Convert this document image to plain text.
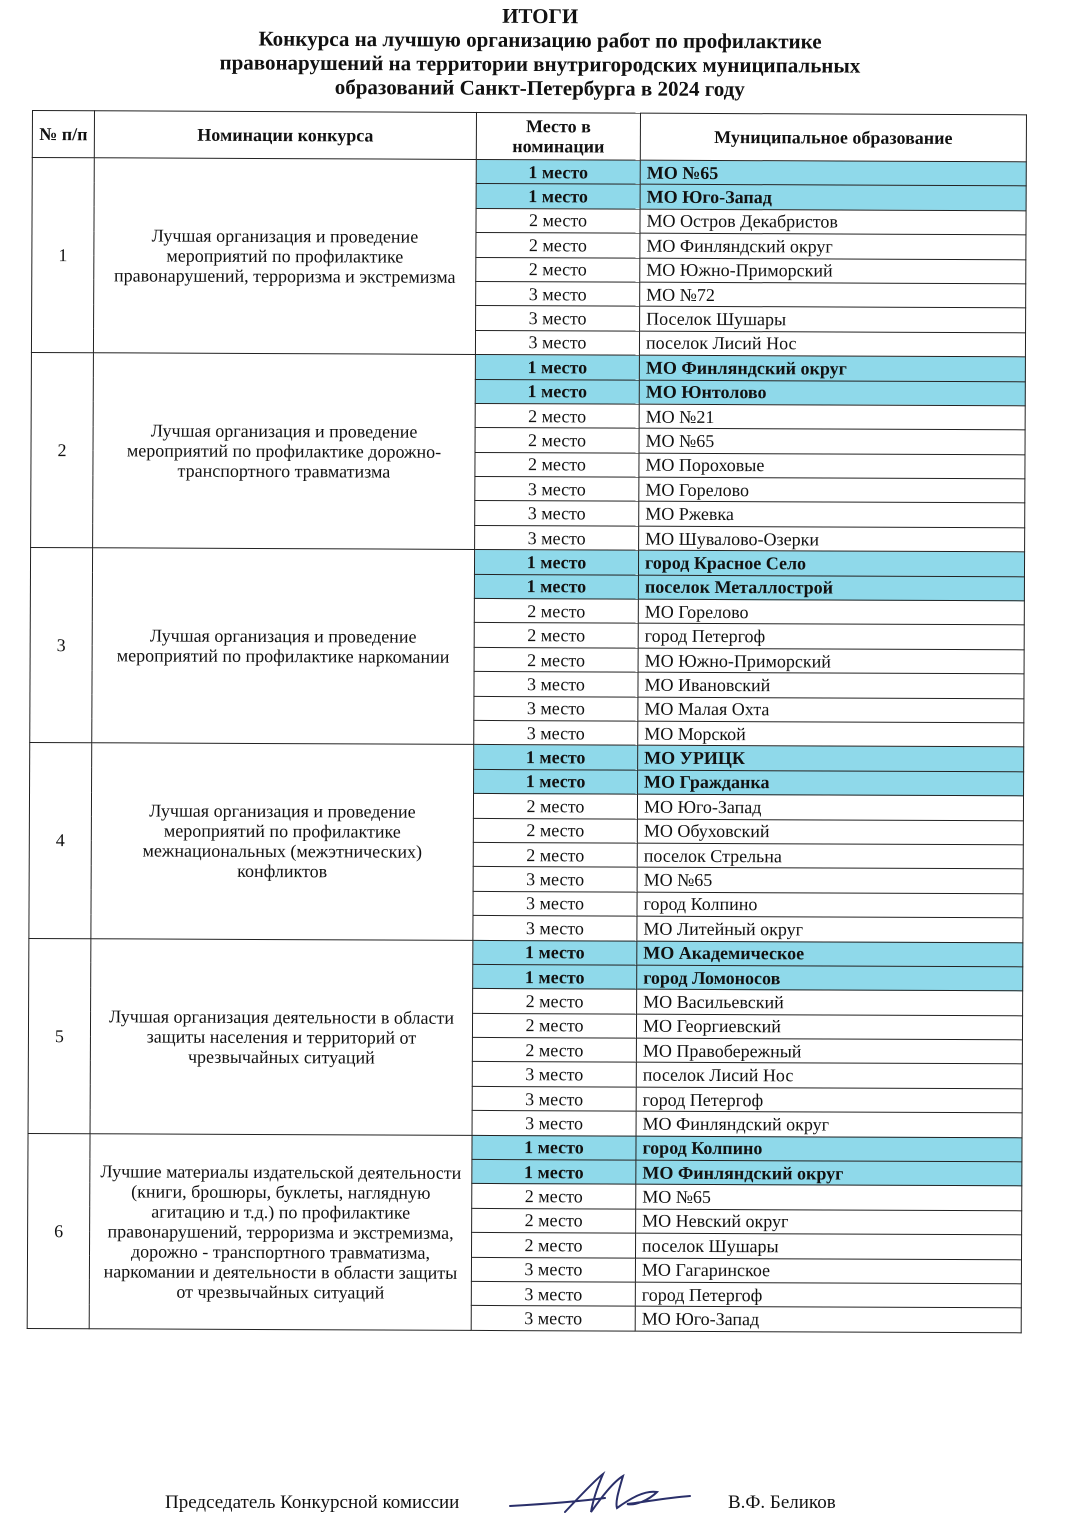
ИТОГИ
Конкурса на лучшую организацию работ по профилактике
правонарушений на территории внутригородских муниципальных
образований Санкт-Петербурга в 2024 году
№ п/п	Номинации конкурса	Место в номинации	Муниципальное образование
1	Лучшая организация и проведение мероприятий по профилактике правонарушений, терроризма и экстремизма	1 место	МО №65
		1 место	МО Юго-Запад
		2 место	МО Остров Декабристов
		2 место	МО Финляндский округ
		2 место	МО Южно-Приморский
		3 место	МО №72
		3 место	Поселок Шушары
		3 место	поселок Лисий Нос
2	Лучшая организация и проведение мероприятий по профилактике дорожно-транспортного травматизма	1 место	МО Финляндский округ
		1 место	МО Юнтолово
		2 место	МО №21
		2 место	МО №65
		2 место	МО Пороховые
		3 место	МО Горелово
		3 место	МО Ржевка
		3 место	МО Шувалово-Озерки
3	Лучшая организация и проведение мероприятий по профилактике наркомании	1 место	город Красное Село
		1 место	поселок Металлострой
		2 место	МО Горелово
		2 место	город Петергоф
		2 место	МО Южно-Приморский
		3 место	МО Ивановский
		3 место	МО Малая Охта
		3 место	МО Морской
4	Лучшая организация и проведение мероприятий по профилактике межнациональных (межэтнических) конфликтов	1 место	МО УРИЦК
		1 место	МО Гражданка
		2 место	МО Юго-Запад
		2 место	МО Обуховский
		2 место	поселок Стрельна
		3 место	МО №65
		3 место	город Колпино
		3 место	МО Литейный округ
5	Лучшая организация деятельности в области защиты населения и территорий от чрезвычайных ситуаций	1 место	МО Академическое
		1 место	город Ломоносов
		2 место	МО Васильевский
		2 место	МО Георгиевский
		2 место	МО Правобережный
		3 место	поселок Лисий Нос
		3 место	город Петергоф
		3 место	МО Финляндский округ
6	Лучшие материалы издательской деятельности (книги, брошюры, буклеты, наглядную агитацию и т.д.) по профилактике правонарушений, терроризма и экстремизма, дорожно - транспортного травматизма, наркомании и деятельности в области защиты от чрезвычайных ситуаций	1 место	город Колпино
		1 место	МО Финляндский округ
		2 место	МО №65
		2 место	МО Невский округ
		2 место	поселок Шушары
		3 место	МО Гагаринское
		3 место	город Петергоф
		3 место	МО Юго-Запад
Председатель Конкурсной комиссии	В.Ф. Беликов
